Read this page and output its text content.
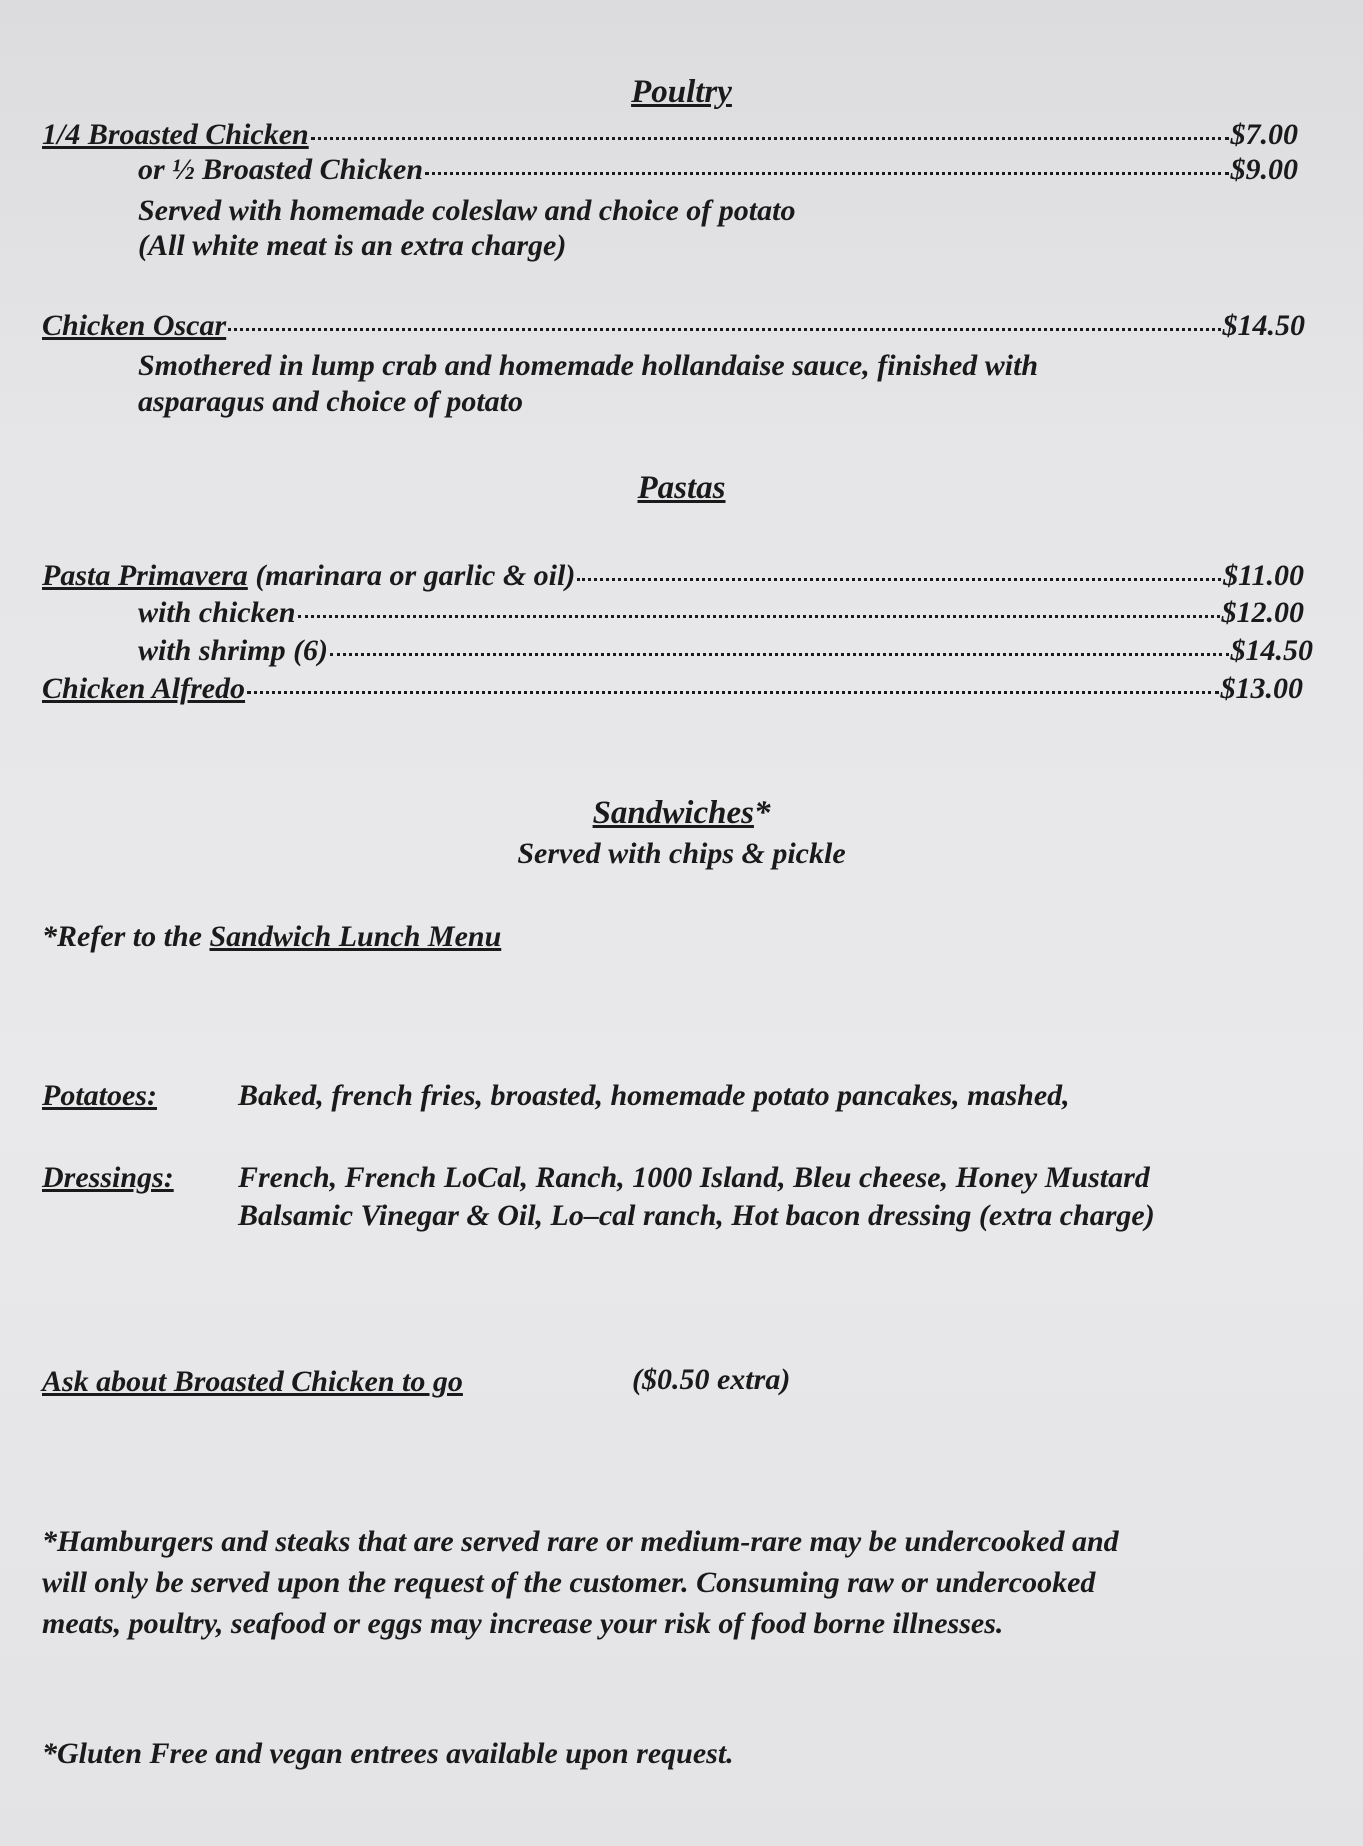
Poultry
1/4 Broasted Chicken	$7.00
or ½ Broasted Chicken	$9.00
Served with homemade coleslaw and choice of potato
(All white meat is an extra charge)
Chicken Oscar	$14.50
Smothered in lump crab and homemade hollandaise sauce, finished with
asparagus and choice of potato
Pastas
Pasta Primavera (marinara or garlic & oil)	$11.00
with chicken	$12.00
with shrimp (6)	$14.50
Chicken Alfredo	$13.00
Sandwiches*
Served with chips & pickle
*Refer to the Sandwich Lunch Menu
Potatoes:	Baked, french fries, broasted, homemade potato pancakes, mashed,
Dressings: French, French LoCal, Ranch, 1000 Island, Bleu cheese, Honey Mustard
Balsamic Vinegar & Oil, Lo–cal ranch, Hot bacon dressing (extra charge)
Ask about Broasted Chicken to go	($0.50 extra)
*Hamburgers and steaks that are served rare or medium-rare may be undercooked and
will only be served upon the request of the customer. Consuming raw or undercooked
meats, poultry, seafood or eggs may increase your risk of food borne illnesses.
*Gluten Free and vegan entrees available upon request.
